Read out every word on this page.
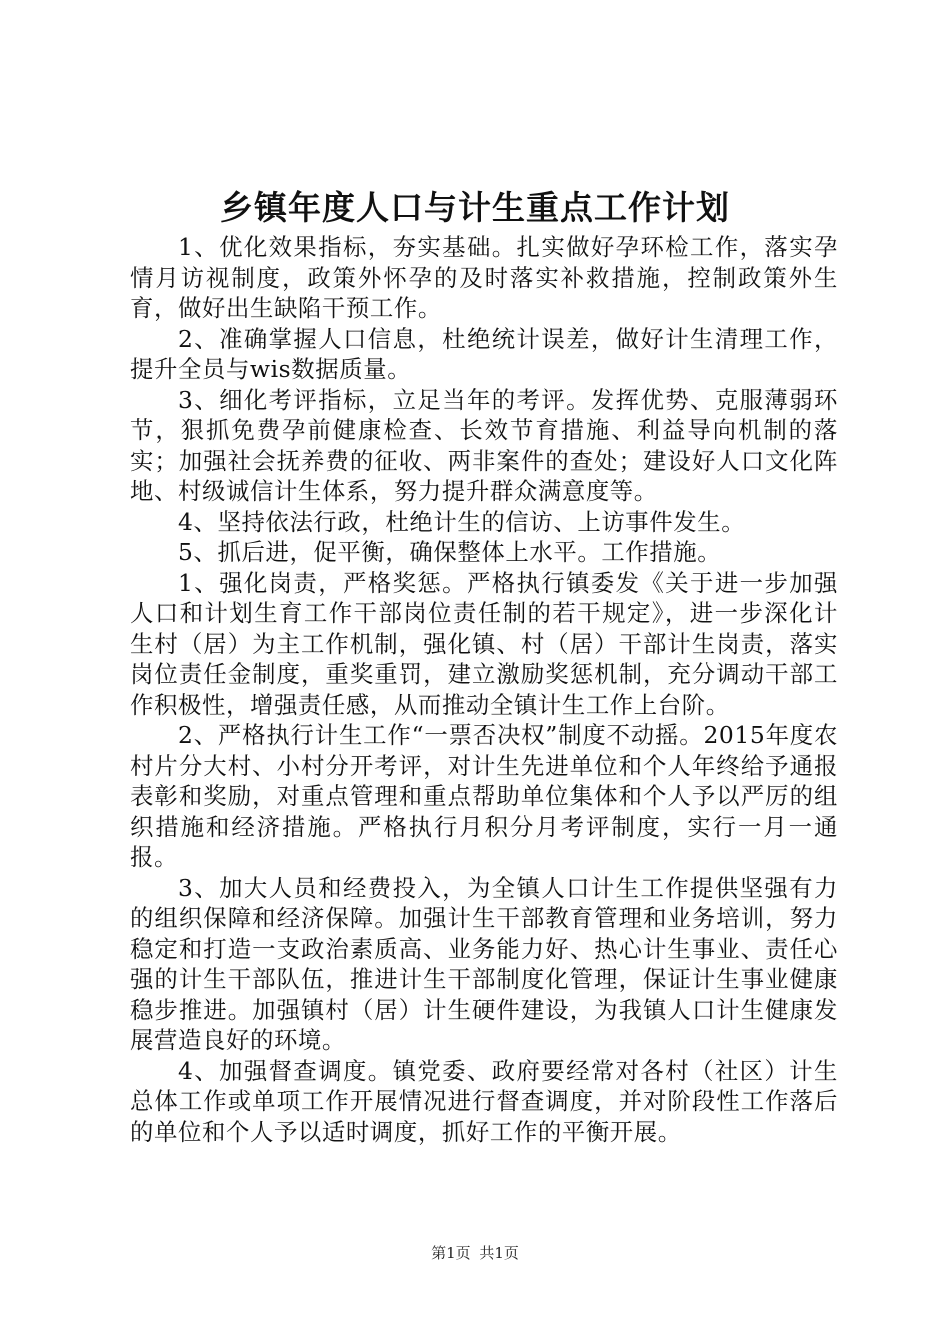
乡镇年度人口与计生重点工作计划

1、优化效果指标，夯实基础。扎实做好孕环检工作，落实孕情月访视制度，政策外怀孕的及时落实补救措施，控制政策外生育，做好出生缺陷干预工作。

2、准确掌握人口信息，杜绝统计误差，做好计生清理工作，提升全员与wis数据质量。

3、细化考评指标，立足当年的考评。发挥优势、克服薄弱环节，狠抓免费孕前健康检查、长效节育措施、利益导向机制的落实；加强社会抚养费的征收、两非案件的查处；建设好人口文化阵地、村级诚信计生体系，努力提升群众满意度等。

4、坚持依法行政，杜绝计生的信访、上访事件发生。

5、抓后进，促平衡，确保整体上水平。工作措施。

1、强化岗责，严格奖惩。严格执行镇委发《关于进一步加强人口和计划生育工作干部岗位责任制的若干规定》，进一步深化计生村（居）为主工作机制，强化镇、村（居）干部计生岗责，落实岗位责任金制度，重奖重罚，建立激励奖惩机制，充分调动干部工作积极性，增强责任感，从而推动全镇计生工作上台阶。

2、严格执行计生工作“一票否决权”制度不动摇。2015年度农村片分大村、小村分开考评，对计生先进单位和个人年终给予通报表彰和奖励，对重点管理和重点帮助单位集体和个人予以严厉的组织措施和经济措施。严格执行月积分月考评制度，实行一月一通报。

3、加大人员和经费投入，为全镇人口计生工作提供坚强有力的组织保障和经济保障。加强计生干部教育管理和业务培训，努力稳定和打造一支政治素质高、业务能力好、热心计生事业、责任心强的计生干部队伍，推进计生干部制度化管理，保证计生事业健康稳步推进。加强镇村（居）计生硬件建设，为我镇人口计生健康发展营造良好的环境。

4、加强督查调度。镇党委、政府要经常对各村（社区）计生总体工作或单项工作开展情况进行督查调度，并对阶段性工作落后的单位和个人予以适时调度，抓好工作的平衡开展。

第1页 共1页
